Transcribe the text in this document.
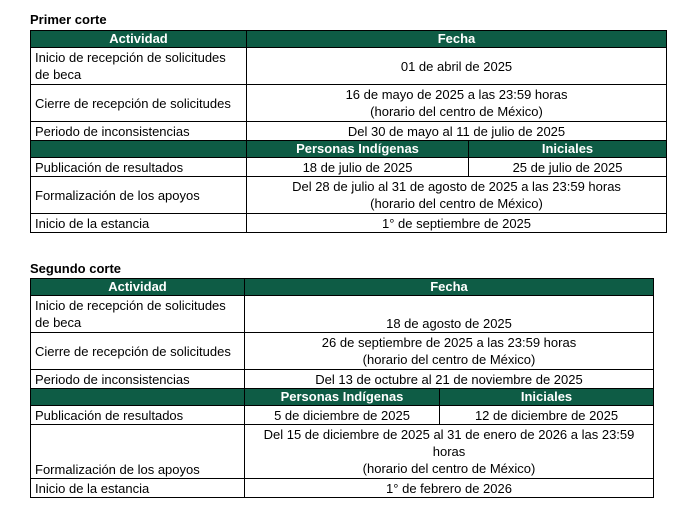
Primer corte
Actividad	Fecha	
Inicio de recepción de solicitudes de beca	01 de abril de 2025	
Cierre de recepción de solicitudes	16 de mayo de 2025 a las 23:59 horas
(horario del centro de México)	

Periodo de inconsistencias	Del 30 de mayo al 11 de julio de 2025	
	Personas Indígenas	Iniciales
Publicación de resultados	18 de julio de 2025	25 de julio de 2025
Formalización de los apoyos	Del 28 de julio al 31 de agosto de 2025 a las 23:59 horas
(horario del centro de México)	

Inicio de la estancia	1° de septiembre de 2025	
Segundo corte
Actividad	Fecha	
Inicio de recepción de solicitudes de beca	18 de agosto de 2025	
Cierre de recepción de solicitudes	26 de septiembre de 2025 a las 23:59 horas
(horario del centro de México)	

Periodo de inconsistencias	Del 13 de octubre al 21 de noviembre de 2025	
	Personas Indígenas	Iniciales
Publicación de resultados	5 de diciembre de 2025	12 de diciembre de 2025
Formalización de los apoyos	Del 15 de diciembre de 2025 al 31 de enero de 2026 a las 23:59 horas
(horario del centro de México)	

Inicio de la estancia	1° de febrero de 2026	
